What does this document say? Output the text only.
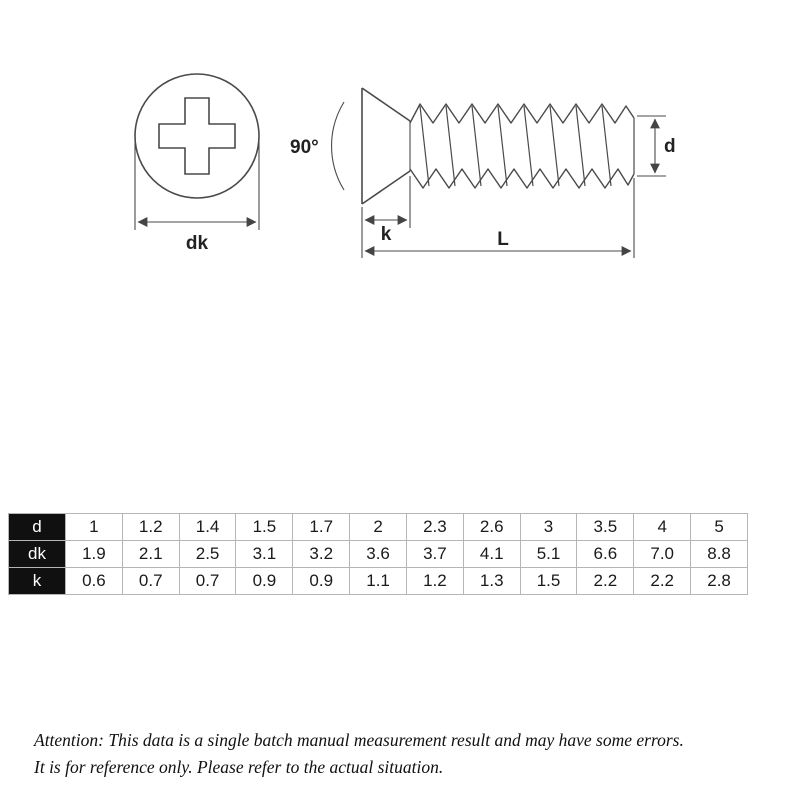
dk
90°
k	L
d
d	1	1.2	1.4	1.5	1.7	2	2.3	2.6	3	3.5	4	5
dk	1.9	2.1	2.5	3.1	3.2	3.6	3.7	4.1	5.1	6.6	7.0	8.8
k	0.6	0.7	0.7	0.9	0.9	1.1	1.2	1.3	1.5	2.2	2.2	2.8
Attention: This data is a single batch manual measurement result and may have some errors.
It is for reference only. Please refer to the actual situation.
